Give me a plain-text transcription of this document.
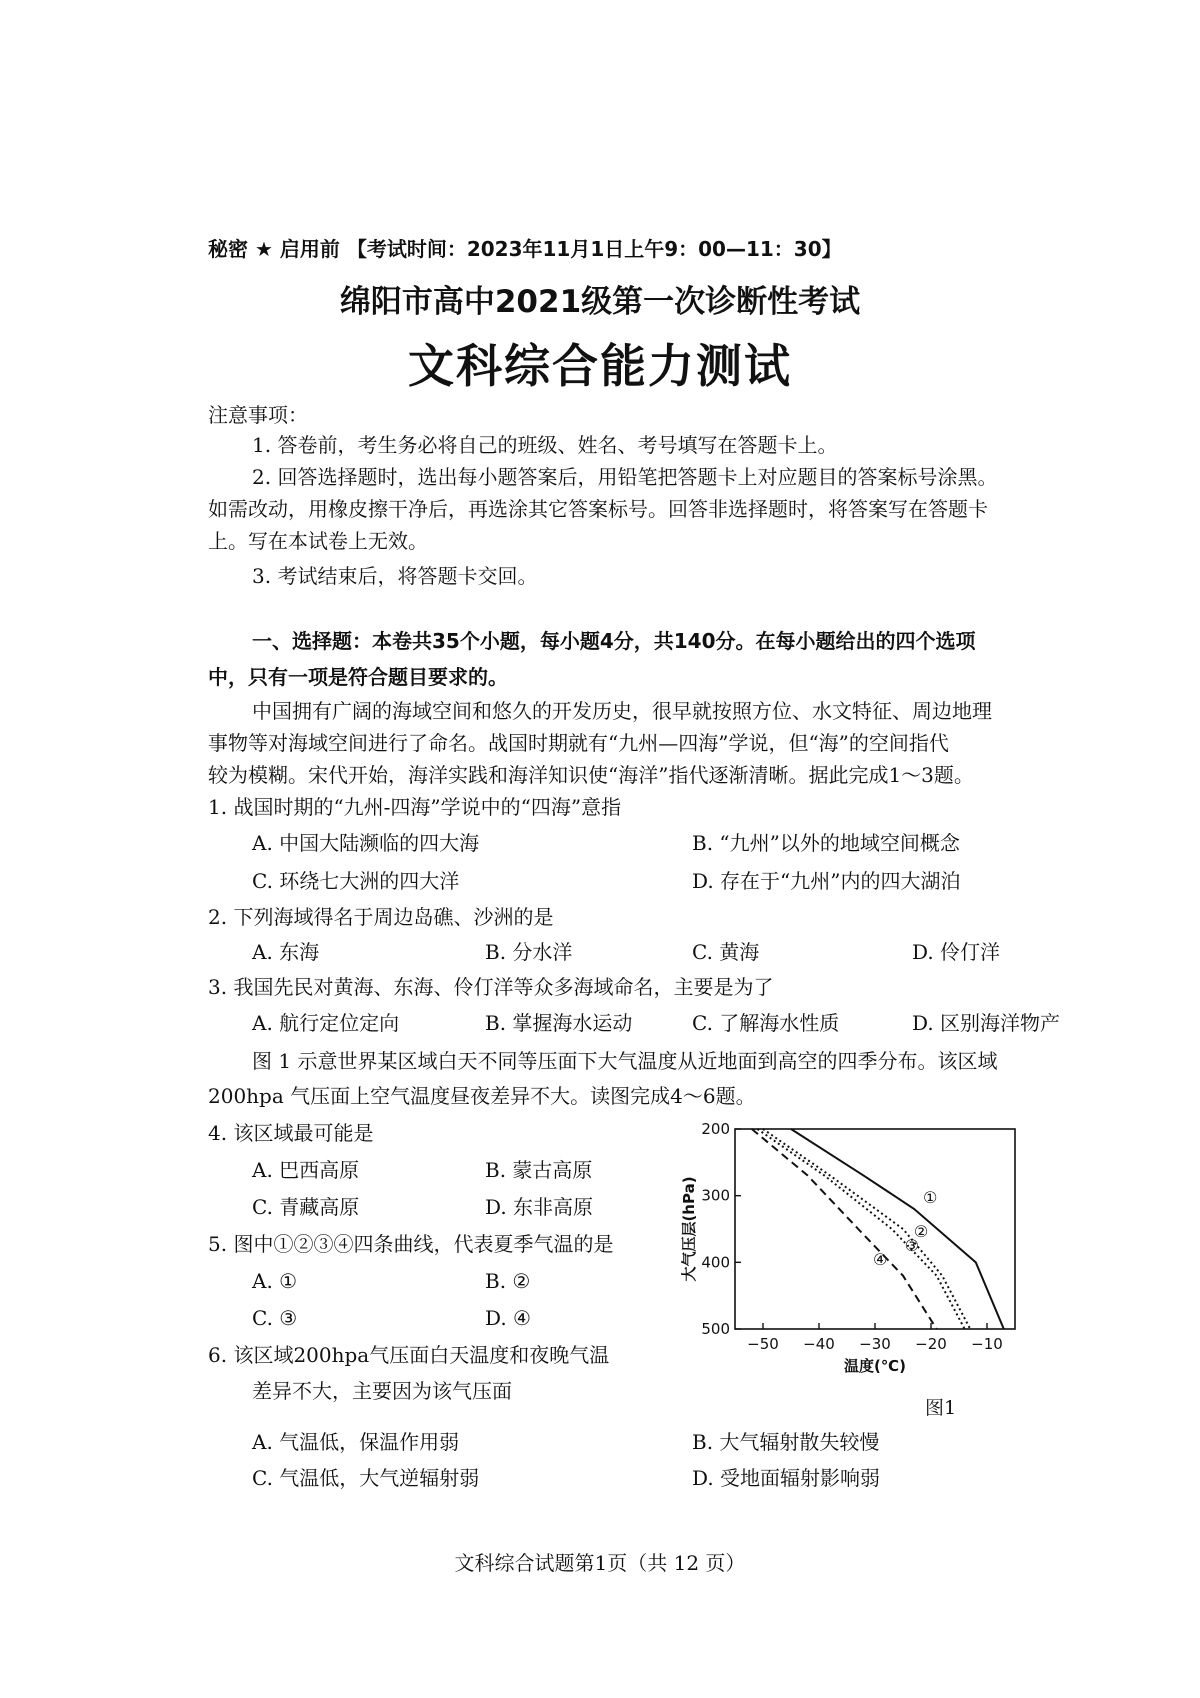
秘密 ★ 启用前 【考试时间：2023年11月1日上午9：00—11：30】
绵阳市高中2021级第一次诊断性考试
文科综合能力测试
注意事项：
1. 答卷前，考生务必将自己的班级、姓名、考号填写在答题卡上。
2. 回答选择题时，选出每小题答案后，用铅笔把答题卡上对应题目的答案标号涂黑。
如需改动，用橡皮擦干净后，再选涂其它答案标号。回答非选择题时，将答案写在答题卡
上。写在本试卷上无效。
3. 考试结束后，将答题卡交回。
一、选择题：本卷共35个小题，每小题4分，共140分。在每小题给出的四个选项
中，只有一项是符合题目要求的。
中国拥有广阔的海域空间和悠久的开发历史，很早就按照方位、水文特征、周边地理
事物等对海域空间进行了命名。战国时期就有“九州—四海”学说，但“海”的空间指代
较为模糊。宋代开始，海洋实践和海洋知识使“海洋”指代逐渐清晰。据此完成1～3题。
1. 战国时期的“九州-四海”学说中的“四海”意指
A. 中国大陆濒临的四大海	B. “九州”以外的地域空间概念
C. 环绕七大洲的四大洋	D. 存在于“九州”内的四大湖泊
2. 下列海域得名于周边岛礁、沙洲的是
A. 东海	B. 分水洋	C. 黄海	D. 伶仃洋
3. 我国先民对黄海、东海、伶仃洋等众多海域命名，主要是为了
A. 航行定位定向	B. 掌握海水运动	C. 了解海水性质	D. 区别海洋物产
图 1 示意世界某区域白天不同等压面下大气温度从近地面到高空的四季分布。该区域
200hpa 气压面上空气温度昼夜差异不大。读图完成4～6题。
4. 该区域最可能是
A. 巴西高原	B. 蒙古高原
C. 青藏高原	D. 东非高原
5. 图中①②③④四条曲线，代表夏季气温的是
A. ①	B. ②
C. ③	D. ④
6. 该区域200hpa气压面白天温度和夜晚气温
差异不大，主要因为该气压面
A. 气温低，保温作用弱	B. 大气辐射散失较慢
C. 气温低，大气逆辐射弱	D. 受地面辐射影响弱
−50 −40 −30 −20 −10
200
300
400
500
温度(℃)
大气压层(hPa)	①
②
③
④
图1
文科综合试题第1页（共 12 页）
